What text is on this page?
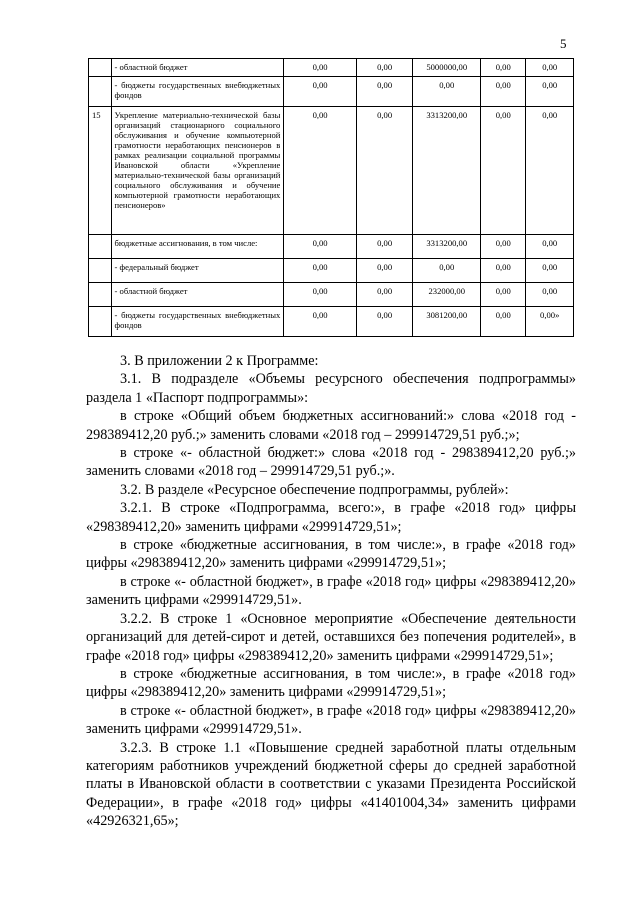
5
	- областной бюджет	0,00	0,00	5000000,00	0,00	0,00
	- бюджеты государственных внебюджетных фондов	0,00	0,00	0,00	0,00	0,00
15	Укрепление материально-технической базы организаций стационарного социального обслуживания и обучение компьютерной грамотности неработающих пенсионеров в рамках реализации социальной программы Ивановской области «Укрепление материально-технической базы организаций социального обслуживания и обучение компьютерной грамотности неработающих пенсионеров»	0,00	0,00	3313200,00	0,00	0,00
	бюджетные ассигнования, в том числе:	0,00	0,00	3313200,00	0,00	0,00
	- федеральный бюджет	0,00	0,00	0,00	0,00	0,00
	- областной бюджет	0,00	0,00	232000,00	0,00	0,00
	- бюджеты государственных внебюджетных фондов	0,00	0,00	3081200,00	0,00	0,00»

3. В приложении 2 к Программе:

3.1. В подразделе «Объемы ресурсного обеспечения подпрограммы» раздела 1 «Паспорт подпрограммы»:

в строке «Общий объем бюджетных ассигнований:» слова «2018 год - 298389412,20 руб.;» заменить словами «2018 год – 299914729,51 руб.;»;

в строке «- областной бюджет:» слова «2018 год - 298389412,20 руб.;» заменить словами «2018 год – 299914729,51 руб.;».

3.2. В разделе «Ресурсное обеспечение подпрограммы, рублей»:

3.2.1. В строке «Подпрограмма, всего:», в графе «2018 год» цифры «298389412,20» заменить цифрами «299914729,51»;

в строке «бюджетные ассигнования, в том числе:», в графе «2018 год» цифры «298389412,20» заменить цифрами «299914729,51»;

в строке «- областной бюджет», в графе «2018 год» цифры «298389412,20» заменить цифрами «299914729,51».

3.2.2. В строке 1 «Основное мероприятие «Обеспечение деятельности организаций для детей-сирот и детей, оставшихся без попечения родителей», в графе «2018 год» цифры «298389412,20» заменить цифрами «299914729,51»;

в строке «бюджетные ассигнования, в том числе:», в графе «2018 год» цифры «298389412,20» заменить цифрами «299914729,51»;

в строке «- областной бюджет», в графе «2018 год» цифры «298389412,20» заменить цифрами «299914729,51».

3.2.3. В строке 1.1 «Повышение средней заработной платы отдельным категориям работников учреждений бюджетной сферы до средней заработной платы в Ивановской области в соответствии с указами Президента Российской Федерации», в графе «2018 год» цифры «41401004,34» заменить цифрами «42926321,65»;
